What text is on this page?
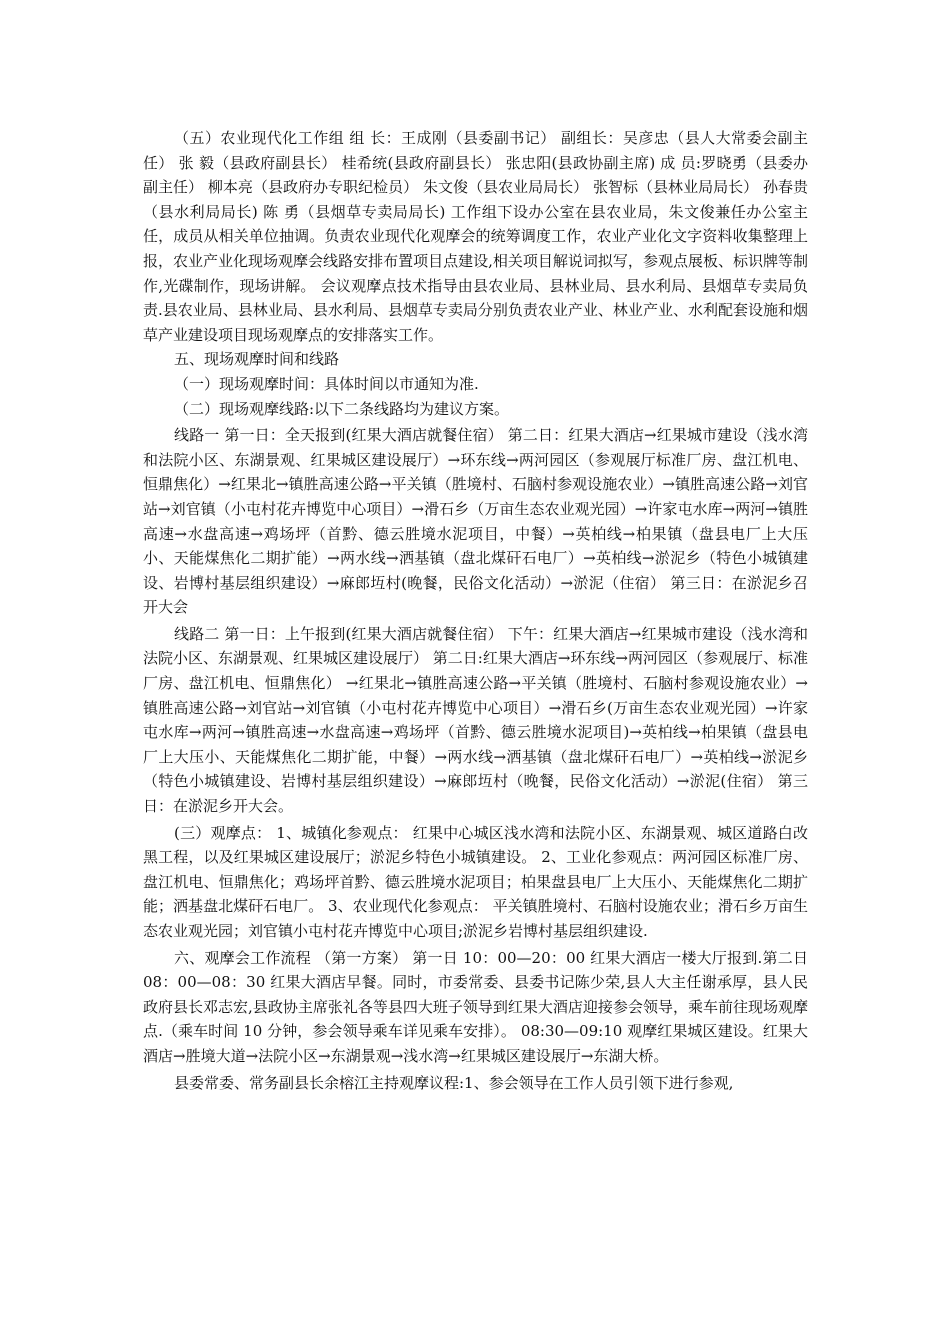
（五）农业现代化工作组 组 长：王成刚（县委副书记） 副组长：吴彦忠（县人大常委会副主任） 张 毅（县政府副县长） 桂希统(县政府副县长） 张忠阳(县政协副主席) 成 员:罗晓勇（县委办副主任） 柳本亮（县政府办专职纪检员） 朱文俊（县农业局局长） 张智标（县林业局局长） 孙春贵（县水利局局长) 陈 勇（县烟草专卖局局长) 工作组下设办公室在县农业局，朱文俊兼任办公室主任，成员从相关单位抽调。负责农业现代化观摩会的统筹调度工作，农业产业化文字资料收集整理上报，农业产业化现场观摩会线路安排布置项目点建设,相关项目解说词拟写，参观点展板、标识牌等制作,光碟制作，现场讲解。 会议观摩点技术指导由县农业局、县林业局、县水利局、县烟草专卖局负责.县农业局、县林业局、县水利局、县烟草专卖局分别负责农业产业、林业产业、水利配套设施和烟草产业建设项目现场观摩点的安排落实工作。

五、现场观摩时间和线路

（一）现场观摩时间：具体时间以市通知为准.

（二）现场观摩线路:以下二条线路均为建议方案。

线路一 第一日：全天报到(红果大酒店就餐住宿） 第二日：红果大酒店→红果城市建设（浅水湾和法院小区、东湖景观、红果城区建设展厅）→环东线→两河园区（参观展厅标准厂房、盘江机电、恒鼎焦化）→红果北→镇胜高速公路→平关镇（胜境村、石脑村参观设施农业）→镇胜高速公路→刘官站→刘官镇（小屯村花卉博览中心项目）→滑石乡（万亩生态农业观光园）→许家屯水库→两河→镇胜高速→水盘高速→鸡场坪（首黔、德云胜境水泥项目，中餐）→英柏线→柏果镇（盘县电厂上大压小、天能煤焦化二期扩能）→两水线→洒基镇（盘北煤矸石电厂）→英柏线→淤泥乡（特色小城镇建设、岩博村基层组织建设）→麻郎坘村(晚餐，民俗文化活动）→淤泥（住宿） 第三日：在淤泥乡召开大会

线路二 第一日：上午报到(红果大酒店就餐住宿） 下午：红果大酒店→红果城市建设（浅水湾和法院小区、东湖景观、红果城区建设展厅） 第二日:红果大酒店→环东线→两河园区（参观展厅、标准厂房、盘江机电、恒鼎焦化） →红果北→镇胜高速公路→平关镇（胜境村、石脑村参观设施农业）→镇胜高速公路→刘官站→刘官镇（小屯村花卉博览中心项目）→滑石乡(万亩生态农业观光园）→许家屯水库→两河→镇胜高速→水盘高速→鸡场坪（首黔、德云胜境水泥项目)→英柏线→柏果镇（盘县电厂上大压小、天能煤焦化二期扩能，中餐）→两水线→洒基镇（盘北煤矸石电厂）→英柏线→淤泥乡（特色小城镇建设、岩博村基层组织建设）→麻郎坘村（晚餐，民俗文化活动）→淤泥(住宿） 第三日：在淤泥乡开大会。

(三）观摩点： 1、城镇化参观点： 红果中心城区浅水湾和法院小区、东湖景观、城区道路白改黑工程，以及红果城区建设展厅；淤泥乡特色小城镇建设。 2、工业化参观点：两河园区标准厂房、盘江机电、恒鼎焦化；鸡场坪首黔、德云胜境水泥项目；柏果盘县电厂上大压小、天能煤焦化二期扩能；洒基盘北煤矸石电厂。 3、农业现代化参观点： 平关镇胜境村、石脑村设施农业；滑石乡万亩生态农业观光园；刘官镇小屯村花卉博览中心项目;淤泥乡岩博村基层组织建设.

六、观摩会工作流程 （第一方案） 第一日 10：00—20：00 红果大酒店一楼大厅报到.第二日 08：00—08：30 红果大酒店早餐。同时，市委常委、县委书记陈少荣,县人大主任谢承厚，县人民政府县长邓志宏,县政协主席张礼各等县四大班子领导到红果大酒店迎接参会领导，乘车前往现场观摩点.（乘车时间 10 分钟，参会领导乘车详见乘车安排）。 08:30—09:10 观摩红果城区建设。红果大酒店→胜境大道→法院小区→东湖景观→浅水湾→红果城区建设展厅→东湖大桥。

县委常委、常务副县长余榕江主持观摩议程:1、参会领导在工作人员引领下进行参观,
